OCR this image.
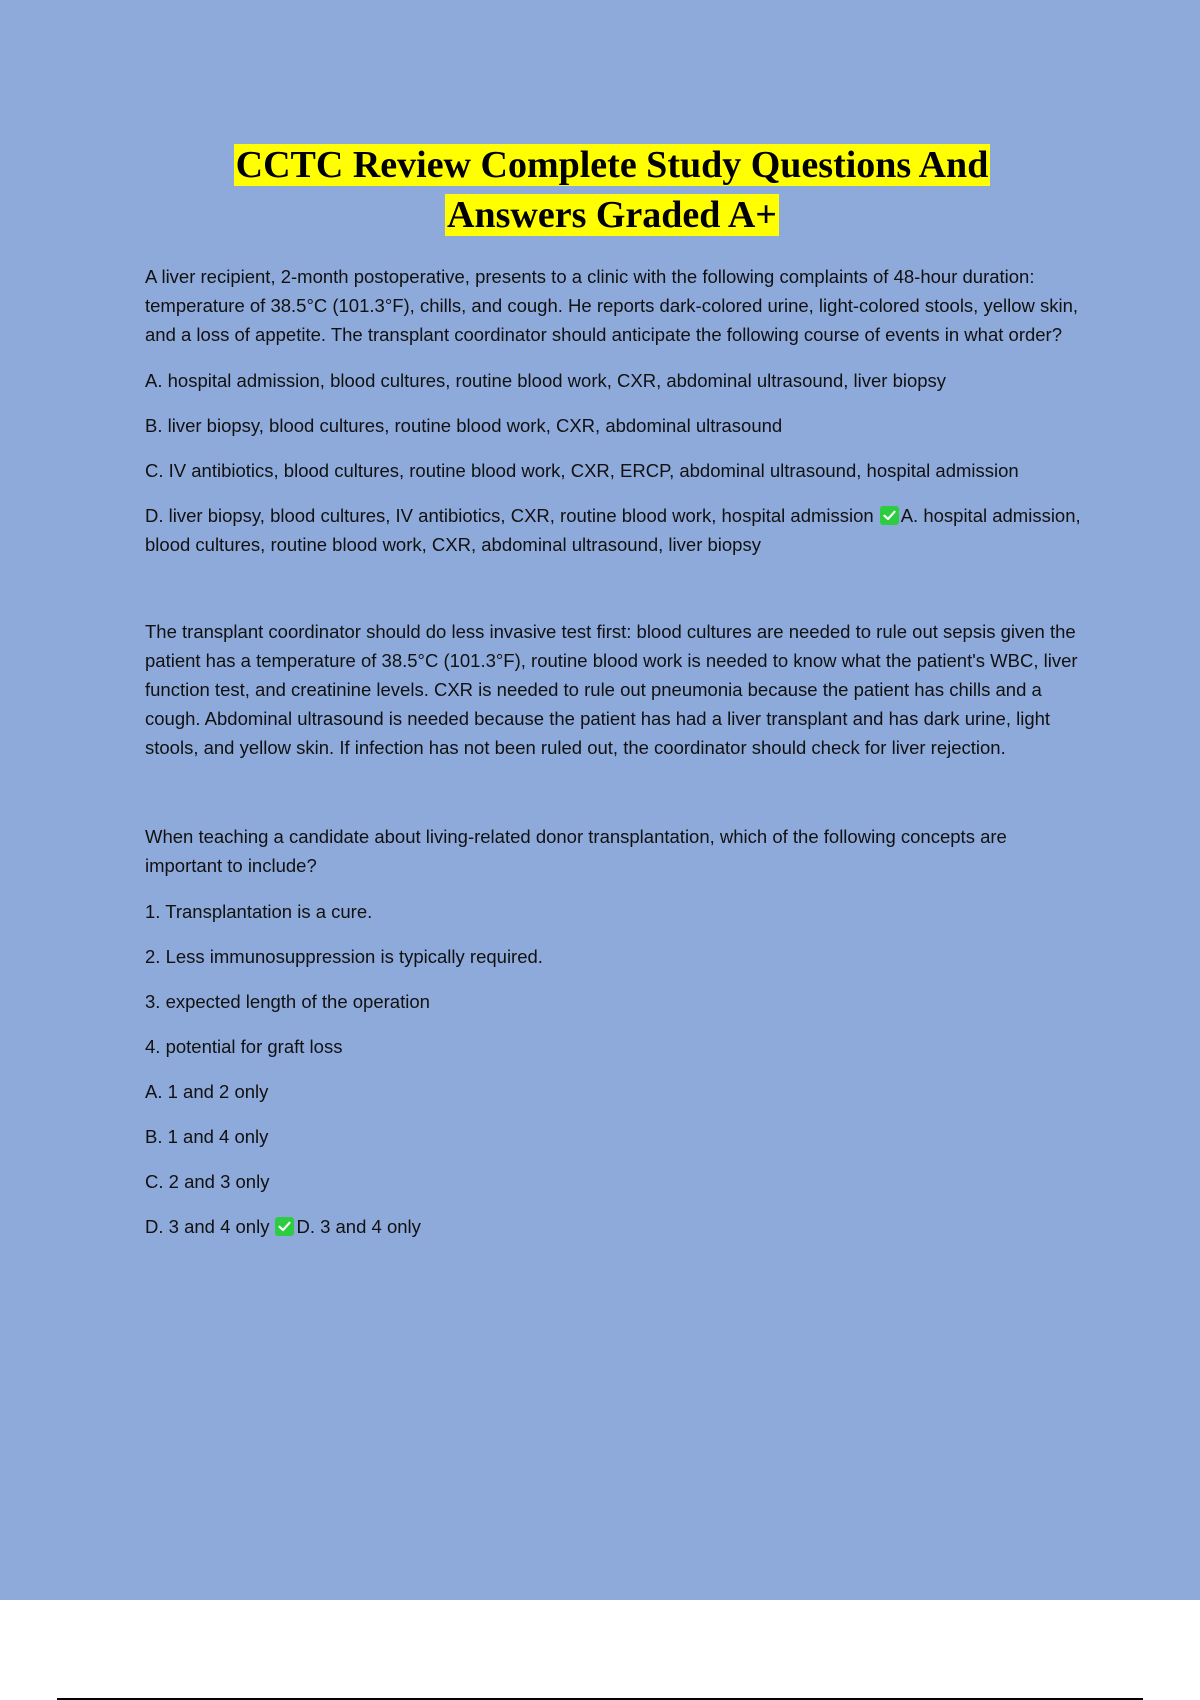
CCTC Review Complete Study Questions And
Answers Graded A+

A liver recipient, 2-month postoperative, presents to a clinic with the following complaints of 48-hour duration: temperature of 38.5°C (101.3°F), chills, and cough. He reports dark-colored urine, light-colored stools, yellow skin, and a loss of appetite. The transplant coordinator should anticipate the following course of events in what order?

A. hospital admission, blood cultures, routine blood work, CXR, abdominal ultrasound, liver biopsy

B. liver biopsy, blood cultures, routine blood work, CXR, abdominal ultrasound

C. IV antibiotics, blood cultures, routine blood work, CXR, ERCP, abdominal ultrasound, hospital admission

D. liver biopsy, blood cultures, IV antibiotics, CXR, routine blood work, hospital admission A. hospital admission, blood cultures, routine blood work, CXR, abdominal ultrasound, liver biopsy

The transplant coordinator should do less invasive test first: blood cultures are needed to rule out sepsis given the patient has a temperature of 38.5°C (101.3°F), routine blood work is needed to know what the patient's WBC, liver function test, and creatinine levels. CXR is needed to rule out pneumonia because the patient has chills and a cough. Abdominal ultrasound is needed because the patient has had a liver transplant and has dark urine, light stools, and yellow skin. If infection has not been ruled out, the coordinator should check for liver rejection.

When teaching a candidate about living-related donor transplantation, which of the following concepts are important to include?

1. Transplantation is a cure.

2. Less immunosuppression is typically required.

3. expected length of the operation

4. potential for graft loss

A. 1 and 2 only

B. 1 and 4 only

C. 2 and 3 only

D. 3 and 4 only D. 3 and 4 only
